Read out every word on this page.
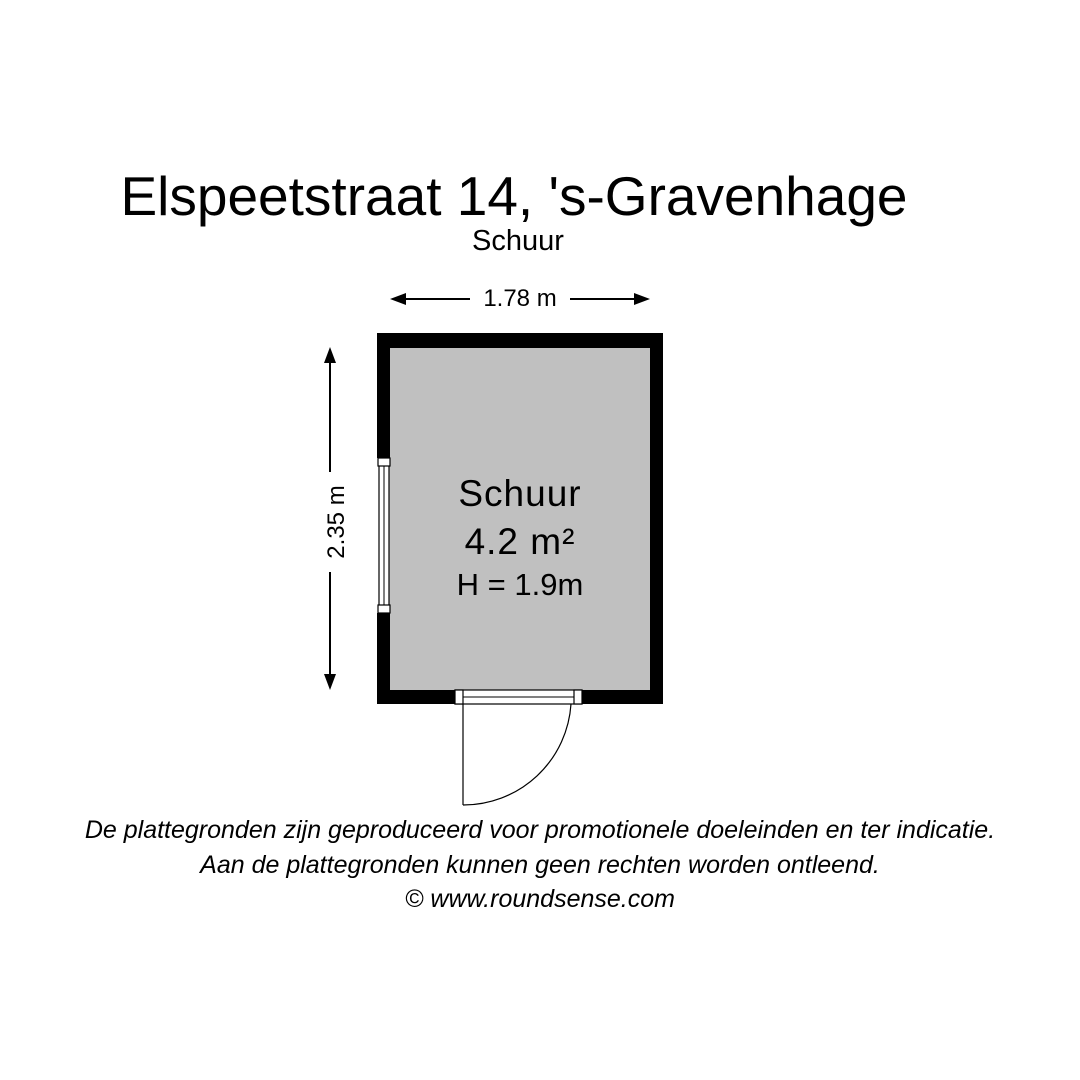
Elspeetstraat 14, 's-Gravenhage
Schuur
1.78 m
2.35 m	Schuur
4.2 m²
H = 1.9m
De plattegronden zijn geproduceerd voor promotionele doeleinden en ter indicatie.
Aan de plattegronden kunnen geen rechten worden ontleend.
© www.roundsense.com
